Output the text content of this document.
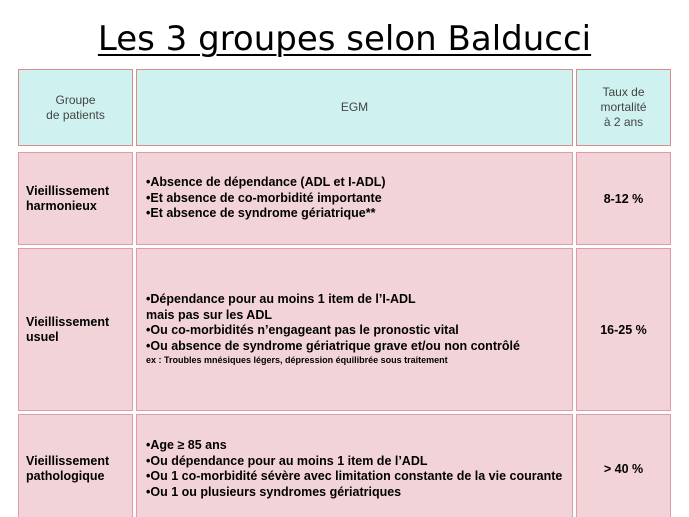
Les 3 groupes selon Balducci
Groupe
de patients
EGM
Taux de
mortalité
à 2 ans
Vieillissement
harmonieux
•Absence de dépendance (ADL et I-ADL)
•Et absence de co-morbidité importante
•Et absence de syndrome gériatrique**
8-12 %
Vieillissement
usuel
•Dépendance pour au moins 1 item de l’I-ADL
mais pas sur les ADL
•Ou co-morbidités n’engageant pas le pronostic vital
•Ou absence de syndrome gériatrique grave et/ou non contrôlé
ex : Troubles mnésiques légers, dépression équilibrée sous traitement
16-25 %
Vieillissement
pathologique
•Age ≥ 85 ans
•Ou dépendance pour au moins 1 item de l’ADL
•Ou 1 co-morbidité sévère avec limitation constante de la vie courante
•Ou 1 ou plusieurs syndromes gériatriques
> 40 %
